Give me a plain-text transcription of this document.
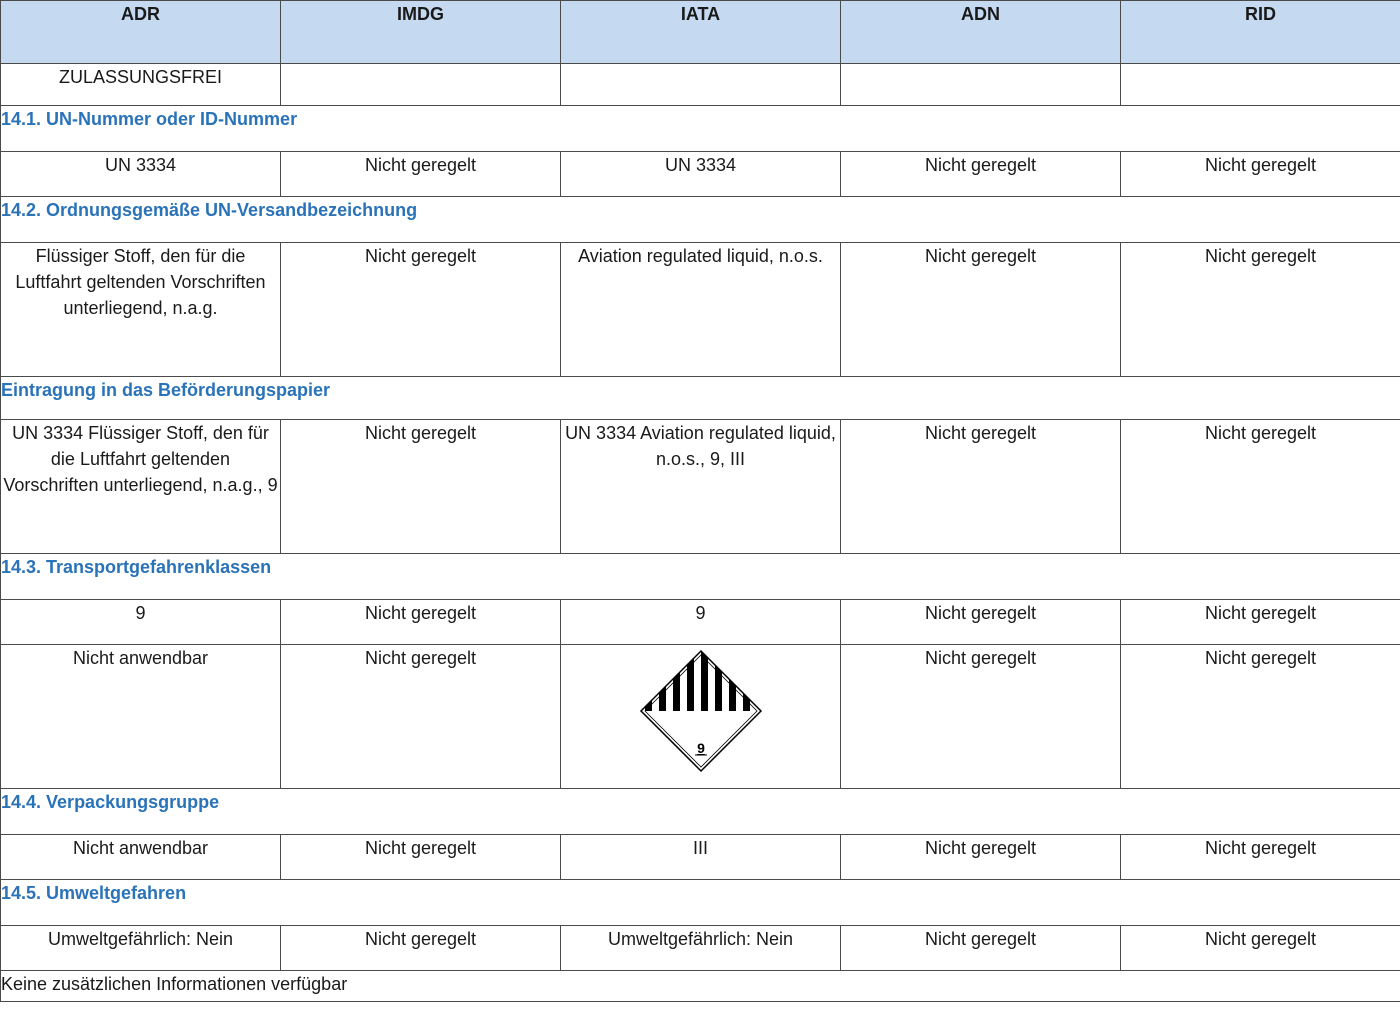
ADR	IMDG	IATA	ADN	RID
ZULASSUNGSFREI				
14.1. UN-Nummer oder ID-Nummer				
UN 3334	Nicht geregelt	UN 3334	Nicht geregelt	Nicht geregelt
14.2. Ordnungsgemäße UN-Versandbezeichnung				
Flüssiger Stoff, den für die Luftfahrt geltenden Vorschriften unterliegend, n.a.g.	Nicht geregelt	Aviation regulated liquid, n.o.s.	Nicht geregelt	Nicht geregelt
Eintragung in das Beförderungspapier				
UN 3334 Flüssiger Stoff, den für die Luftfahrt geltenden Vorschriften unterliegend, n.a.g., 9	Nicht geregelt	UN 3334 Aviation regulated liquid, n.o.s., 9, III	Nicht geregelt	Nicht geregelt
14.3. Transportgefahrenklassen				
9	Nicht geregelt	9	Nicht geregelt	Nicht geregelt
Nicht anwendbar	Nicht geregelt	9	Nicht geregelt	Nicht geregelt
14.4. Verpackungsgruppe				
Nicht anwendbar	Nicht geregelt	III	Nicht geregelt	Nicht geregelt
14.5. Umweltgefahren				
Umweltgefährlich: Nein	Nicht geregelt	Umweltgefährlich: Nein	Nicht geregelt	Nicht geregelt
Keine zusätzlichen Informationen verfügbar				
